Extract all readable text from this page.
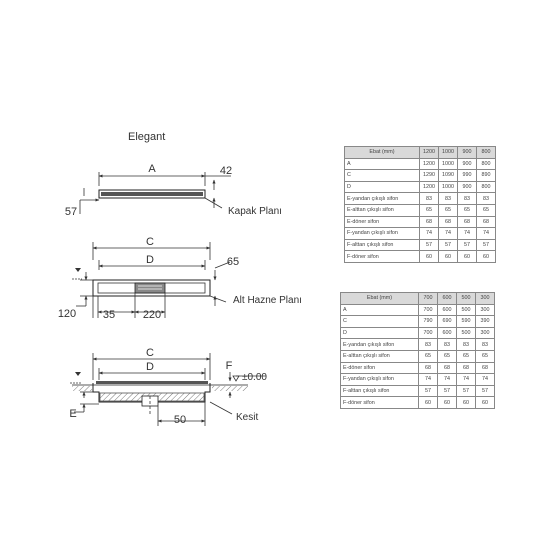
Elegant
A	42
57	Kapak Planı
C
D	65
120 35	220
Alt Hazne Planı
C
D	F
±0.00
E	50	Kesit
Ebat (mm)	1200	1000	900	800
A	1200	1000	900	800
C	1290	1090	990	890
D	1200	1000	900	800
E-yandan çıkışlı sifon	83	83	83	83
E-alttan çıkışlı sifon	65	65	65	65
E-döner sifon	68	68	68	68
F-yandan çıkışlı sifon	74	74	74	74
F-alttan çıkışlı sifon	57	57	57	57
F-döner sifon	60	60	60	60
Ebat (mm)	700	600	500	300
A	700	600	500	300
C	790	690	590	390
D	700	600	500	300
E-yandan çıkışlı sifon	83	83	83	83
E-alttan çıkışlı sifon	65	65	65	65
E-döner sifon	68	68	68	68
F-yandan çıkışlı sifon	74	74	74	74
F-alttan çıkışlı sifon	57	57	57	57
F-döner sifon	60	60	60	60
